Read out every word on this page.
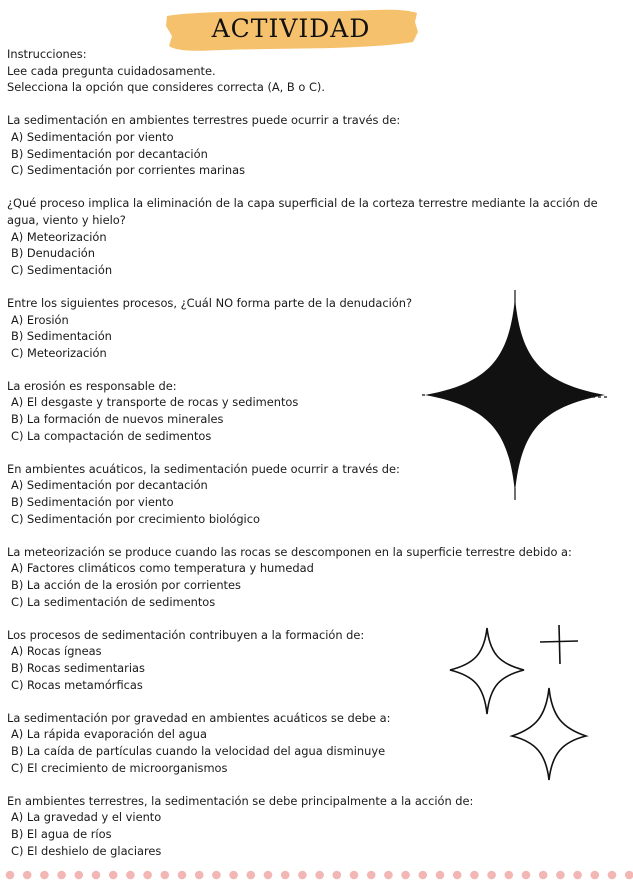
ACTIVIDAD
Instrucciones:
Lee cada pregunta cuidadosamente.
Selecciona la opción que consideres correcta (A, B o C).
La sedimentación en ambientes terrestres puede ocurrir a través de:
A) Sedimentación por viento
B) Sedimentación por decantación
C) Sedimentación por corrientes marinas
¿Qué proceso implica la eliminación de la capa superficial de la corteza terrestre mediante la acción de agua, viento y hielo?
A) Meteorización
B) Denudación
C) Sedimentación
Entre los siguientes procesos, ¿Cuál NO forma parte de la denudación?
A) Erosión
B) Sedimentación
C) Meteorización
La erosión es responsable de:
A) El desgaste y transporte de rocas y sedimentos
B) La formación de nuevos minerales
C) La compactación de sedimentos
En ambientes acuáticos, la sedimentación puede ocurrir a través de:
A) Sedimentación por decantación
B) Sedimentación por viento
C) Sedimentación por crecimiento biológico
La meteorización se produce cuando las rocas se descomponen en la superficie terrestre debido a:
A) Factores climáticos como temperatura y humedad
B) La acción de la erosión por corrientes
C) La sedimentación de sedimentos
Los procesos de sedimentación contribuyen a la formación de:
A) Rocas ígneas
B) Rocas sedimentarias
C) Rocas metamórficas
La sedimentación por gravedad en ambientes acuáticos se debe a:
A) La rápida evaporación del agua
B) La caída de partículas cuando la velocidad del agua disminuye
C) El crecimiento de microorganismos
En ambientes terrestres, la sedimentación se debe principalmente a la acción de:
A) La gravedad y el viento
B) El agua de ríos
C) El deshielo de glaciares
